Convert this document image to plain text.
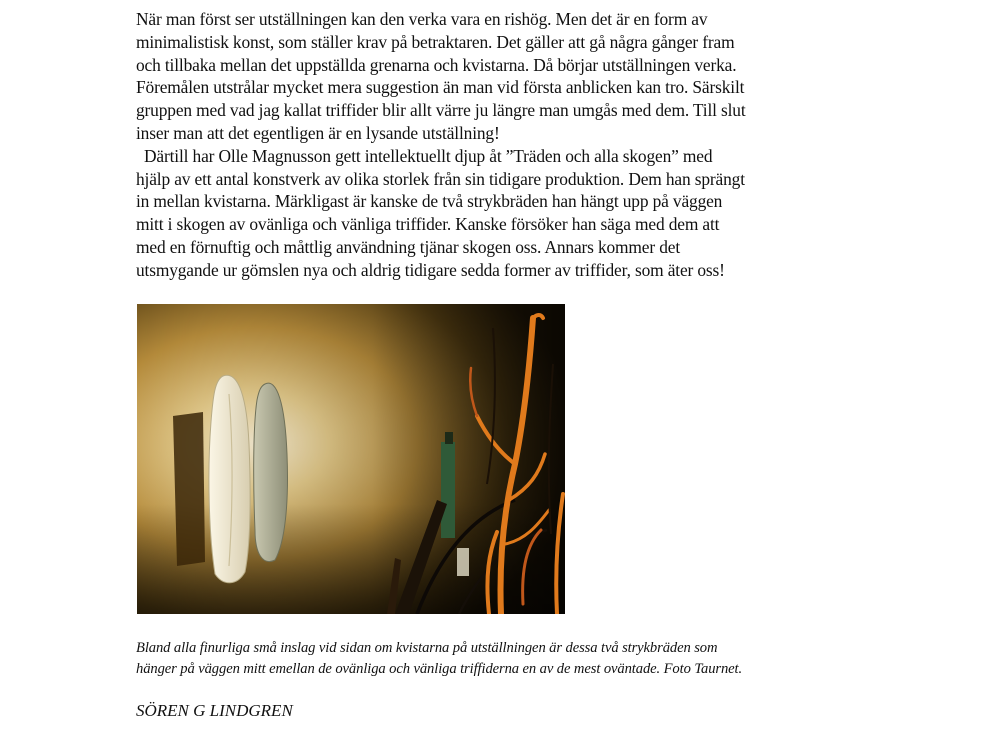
När man först ser utställningen kan den verka vara en rishög. Men det är en form av
minimalistisk konst, som ställer krav på betraktaren. Det gäller att gå några gånger fram
och tillbaka mellan det uppställda grenarna och kvistarna. Då börjar utställningen verka.
Föremålen utstrålar mycket mera suggestion än man vid första anblicken kan tro. Särskilt
gruppen med vad jag kallat triffider blir allt värre ju längre man umgås med dem. Till slut
inser man att det egentligen är en lysande utställning!

Därtill har Olle Magnusson gett intellektuellt djup åt ”Träden och alla skogen” med
hjälp av ett antal konstverk av olika storlek från sin tidigare produktion. Dem han sprängt
in mellan kvistarna. Märkligast är kanske de två strykbräden han hängt upp på väggen
mitt i skogen av ovänliga och vänliga triffider. Kanske försöker han säga med dem att
med en förnuftig och måttlig användning tjänar skogen oss. Annars kommer det
utsmygande ur gömslen nya och aldrig tidigare sedda former av triffider, som äter oss!

Bland alla finurliga små inslag vid sidan om kvistarna på utställningen är dessa två strykbräden som
hänger på väggen mitt emellan de ovänliga och vänliga triffiderna en av de mest oväntade. Foto Taurnet.
SÖREN G LINDGREN
